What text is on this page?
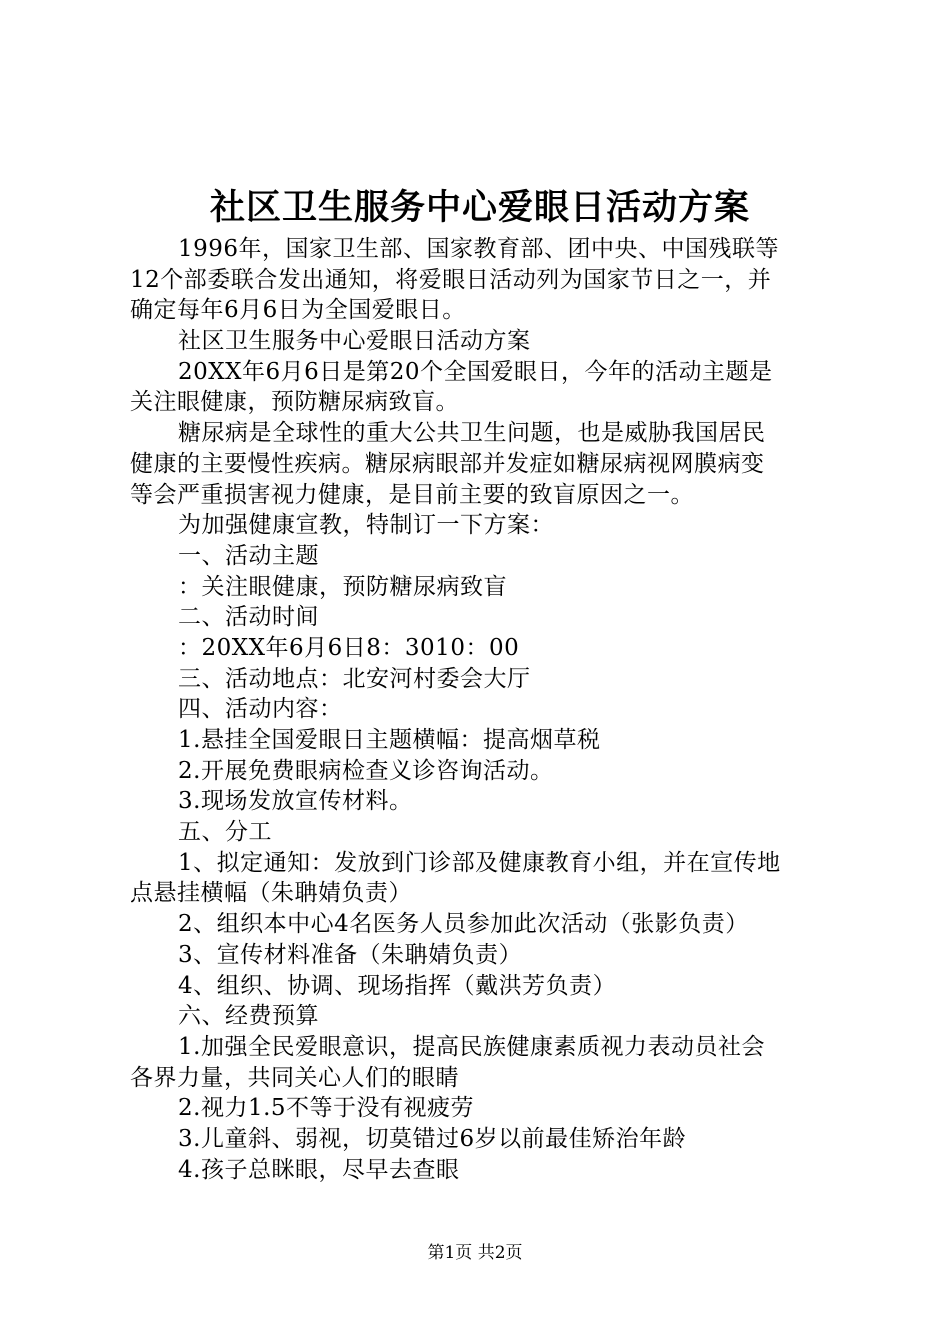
社区卫生服务中心爱眼日活动方案
1996年，国家卫生部、国家教育部、团中央、中国残联等
12个部委联合发出通知，将爱眼日活动列为国家节日之一，并
确定每年6月6日为全国爱眼日。
社区卫生服务中心爱眼日活动方案
20XX年6月6日是第20个全国爱眼日，今年的活动主题是
关注眼健康，预防糖尿病致盲。
糖尿病是全球性的重大公共卫生问题，也是威胁我国居民
健康的主要慢性疾病。糖尿病眼部并发症如糖尿病视网膜病变
等会严重损害视力健康，是目前主要的致盲原因之一。
为加强健康宣教，特制订一下方案：
一、活动主题
：关注眼健康，预防糖尿病致盲
二、活动时间
：20XX年6月6日8：3010：00
三、活动地点：北安河村委会大厅
四、活动内容：
1.悬挂全国爱眼日主题横幅：提高烟草税
2.开展免费眼病检查义诊咨询活动。
3.现场发放宣传材料。
五、分工
1、拟定通知：发放到门诊部及健康教育小组，并在宣传地
点悬挂横幅（朱聃婧负责）
2、组织本中心4名医务人员参加此次活动（张影负责）
3、宣传材料准备（朱聃婧负责）
4、组织、协调、现场指挥（戴洪芳负责）
六、经费预算
1.加强全民爱眼意识，提高民族健康素质视力表动员社会
各界力量，共同关心人们的眼睛
2.视力1.5不等于没有视疲劳
3.儿童斜、弱视，切莫错过6岁以前最佳矫治年龄
4.孩子总眯眼，尽早去查眼
第1页 共2页
